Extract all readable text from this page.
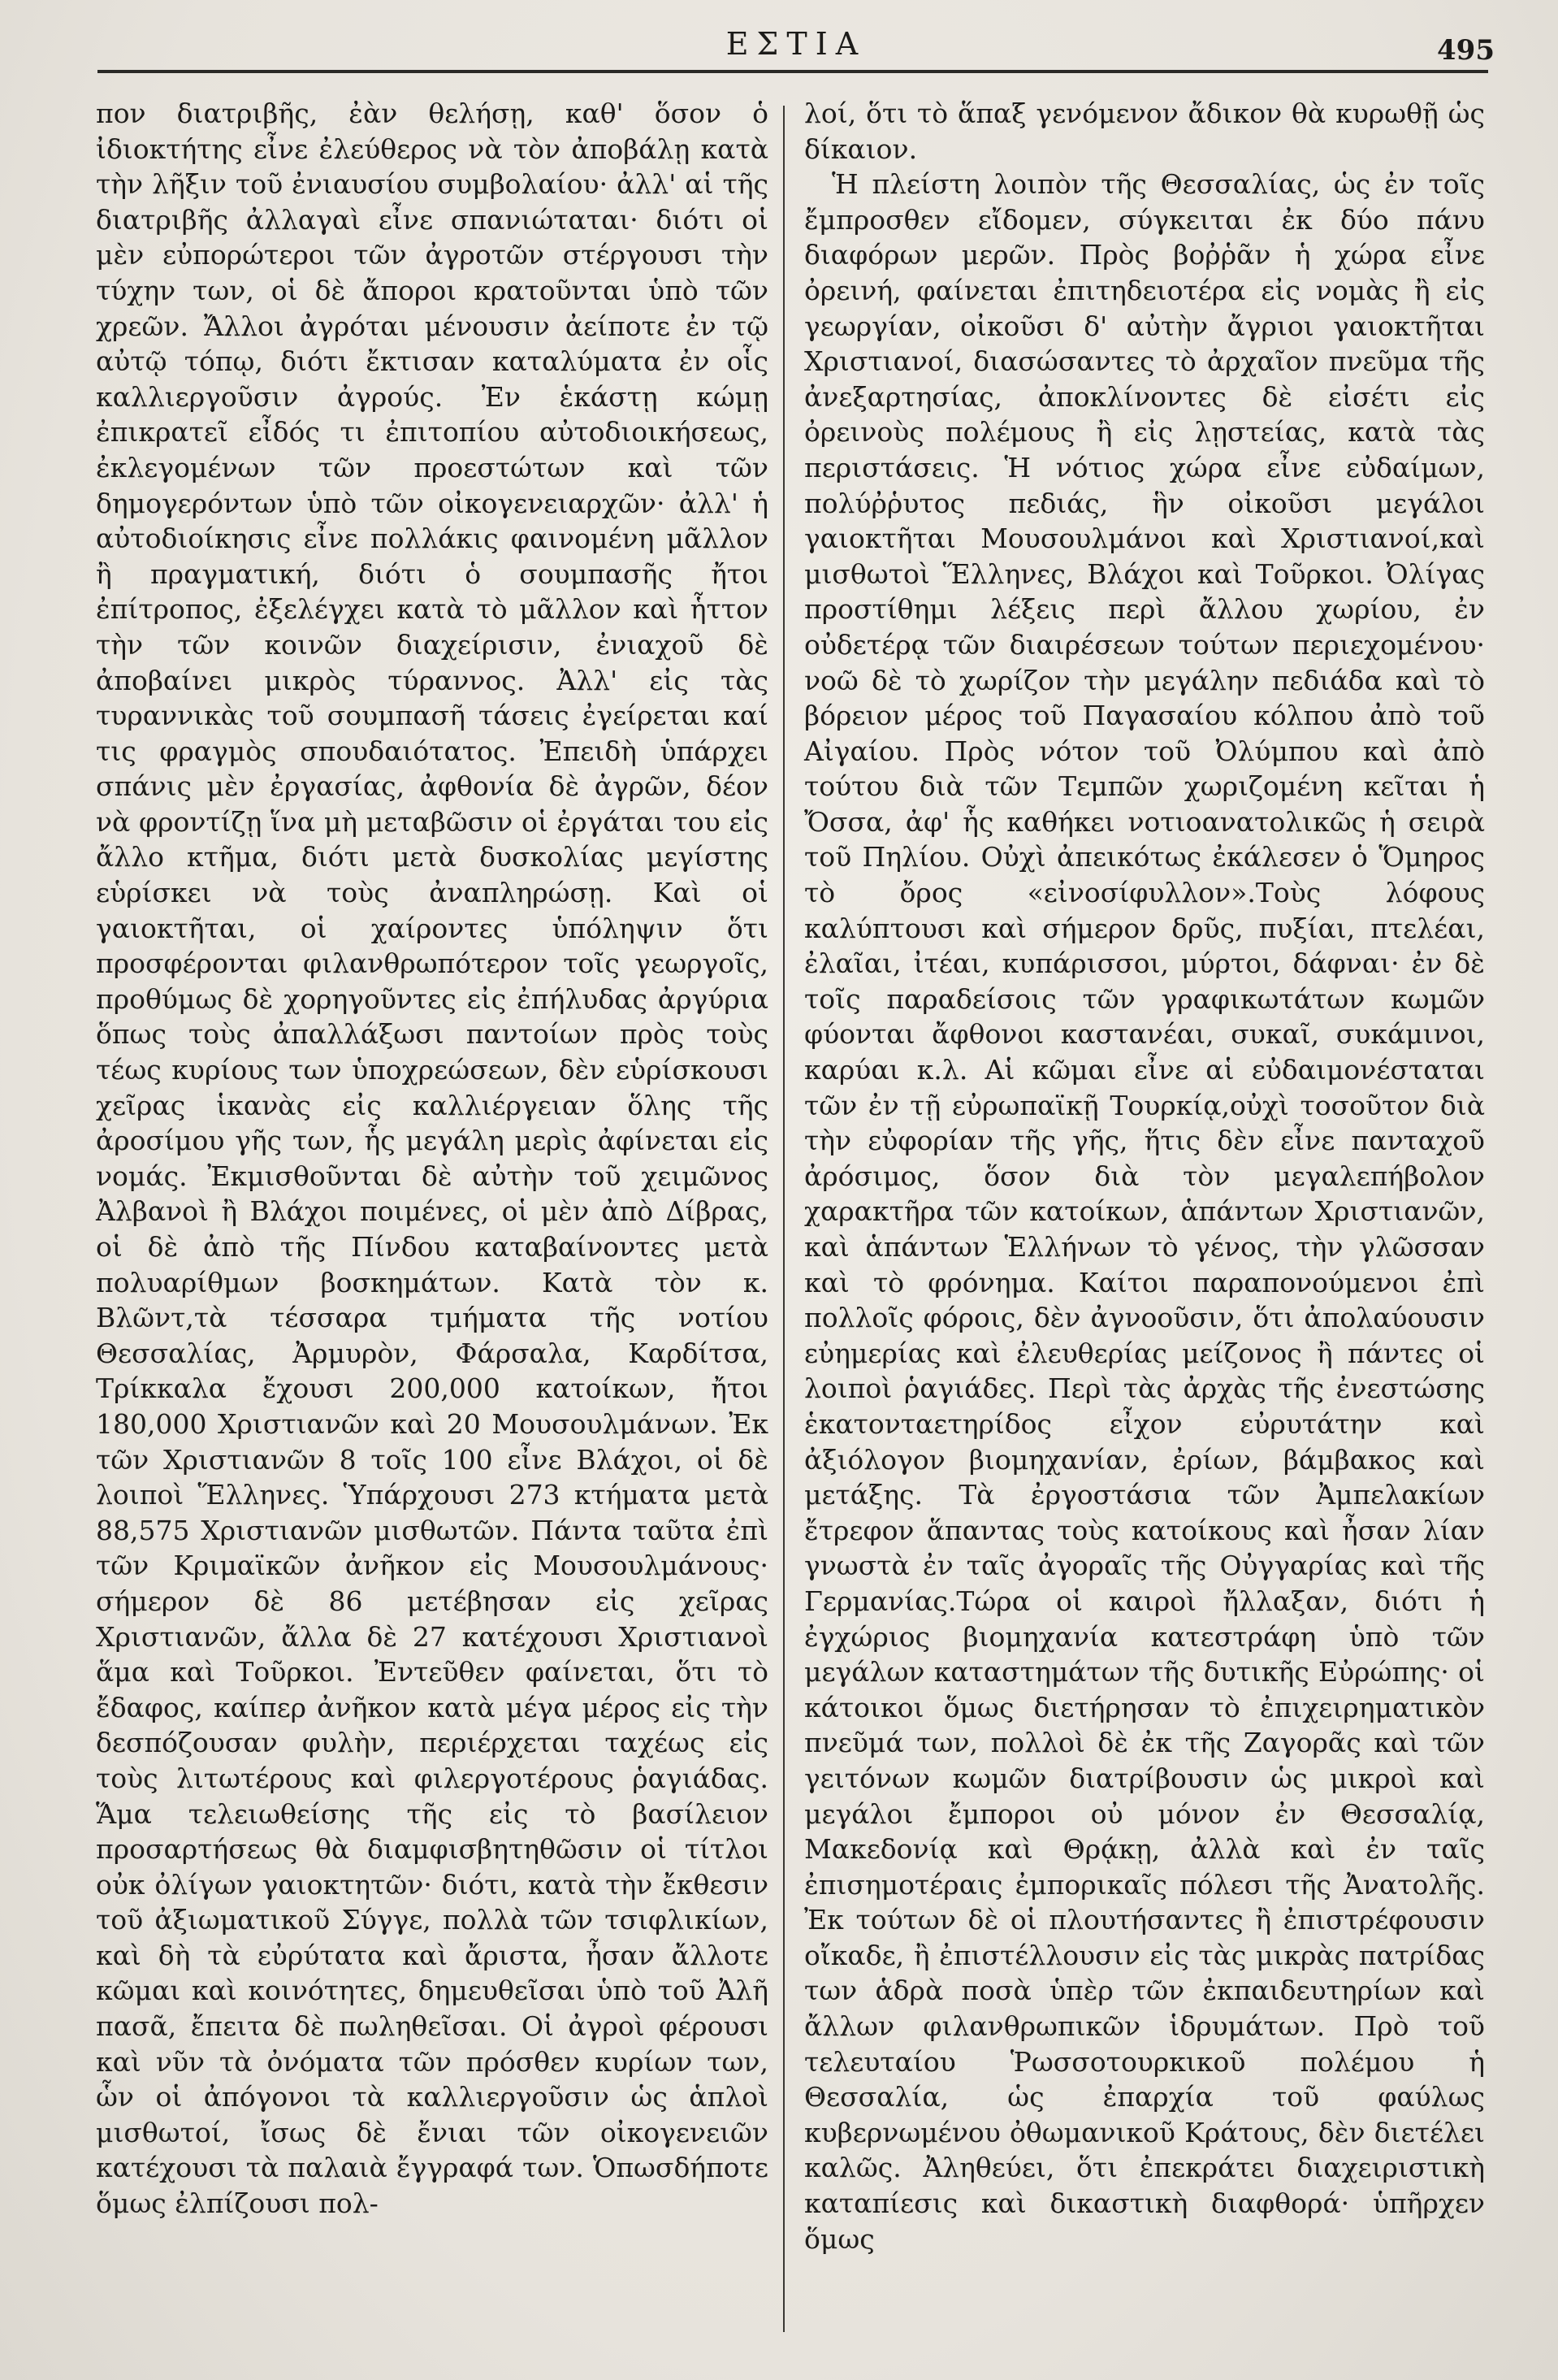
ΕΣΤΙΑ	495

πον διατριβῆς, ἐὰν θελήσῃ, καθ' ὅσον ὁ ἰδιοκτήτης εἶνε ἐλεύθερος νὰ τὸν ἀποβάλῃ κατὰ τὴν λῆξιν τοῦ ἐνιαυσίου συμβολαίου· ἀλλ' αἱ τῆς διατριβῆς ἀλλαγαὶ εἶνε σπανιώταται· διότι οἱ μὲν εὐπορώτεροι τῶν ἀγροτῶν στέργουσι τὴν τύχην των, οἱ δὲ ἄποροι κρατοῦνται ὑπὸ τῶν χρεῶν. Ἄλλοι ἀγρόται μένουσιν ἀείποτε ἐν τῷ αὐτῷ τόπῳ, διότι ἔκτισαν καταλύματα ἐν οἷς καλλιεργοῦσιν ἀγρούς. Ἐν ἑκάστῃ κώμῃ ἐπικρατεῖ εἶδός τι ἐπιτοπίου αὐτοδιοικήσεως, ἐκλεγομένων τῶν προεστώτων καὶ τῶν δημογερόντων ὑπὸ τῶν οἰκογενειαρχῶν· ἀλλ' ἡ αὐτοδιοίκησις εἶνε πολλάκις φαινομένη μᾶλλον ἢ πραγματική, διότι ὁ σουμπασῆς ἤτοι ἐπίτροπος, ἐξελέγχει κατὰ τὸ μᾶλλον καὶ ἧττον τὴν τῶν κοινῶν διαχείρισιν, ἐνιαχοῦ δὲ ἀποβαίνει μικρὸς τύραννος. Ἀλλ' εἰς τὰς τυραννικὰς τοῦ σουμπασῆ τάσεις ἐγείρεται καί τις φραγμὸς σπουδαιότατος. Ἐπειδὴ ὑπάρχει σπάνις μὲν ἐργασίας, ἀφθονία δὲ ἀγρῶν, δέον νὰ φροντίζῃ ἵνα μὴ μεταβῶσιν οἱ ἐργάται του εἰς ἄλλο κτῆμα, διότι μετὰ δυσκολίας μεγίστης εὑρίσκει νὰ τοὺς ἀναπληρώσῃ. Καὶ οἱ γαιοκτῆται, οἱ χαίροντες ὑπόληψιν ὅτι προσφέρονται φιλανθρωπότερον τοῖς γεωργοῖς, προθύμως δὲ χορηγοῦντες εἰς ἐπήλυδας ἀργύρια ὅπως τοὺς ἀπαλλάξωσι παντοίων πρὸς τοὺς τέως κυρίους των ὑποχρεώσεων, δὲν εὑρίσκουσι χεῖρας ἱκανὰς εἰς καλλιέργειαν ὅλης τῆς ἀροσίμου γῆς των, ἧς μεγάλη μερὶς ἀφίνεται εἰς νομάς. Ἐκμισθοῦνται δὲ αὐτὴν τοῦ χειμῶνος Ἀλβανοὶ ἢ Βλάχοι ποιμένες, οἱ μὲν ἀπὸ Δίβρας, οἱ δὲ ἀπὸ τῆς Πίνδου καταβαίνοντες μετὰ πολυαρίθμων βοσκημάτων. Κατὰ τὸν κ. Βλῶντ,τὰ τέσσαρα τμήματα τῆς νοτίου Θεσσαλίας, Ἀρμυρὸν, Φάρσαλα, Καρδίτσα, Τρίκκαλα ἔχουσι 200,000 κατοίκων, ἤτοι 180,000 Χριστιανῶν καὶ 20 Μουσουλμάνων. Ἐκ τῶν Χριστιανῶν 8 τοῖς 100 εἶνε Βλάχοι, οἱ δὲ λοιποὶ Ἕλληνες. Ὑπάρχουσι 273 κτήματα μετὰ 88,575 Χριστιανῶν μισθωτῶν. Πάντα ταῦτα ἐπὶ τῶν Κριμαϊκῶν ἀνῆκον εἰς Μουσουλμάνους· σήμερον δὲ 86 μετέβησαν εἰς χεῖρας Χριστιανῶν, ἄλλα δὲ 27 κατέχουσι Χριστιανοὶ ἅμα καὶ Τοῦρκοι. Ἐντεῦθεν φαίνεται, ὅτι τὸ ἔδαφος, καίπερ ἀνῆκον κατὰ μέγα μέρος εἰς τὴν δεσπόζουσαν φυλὴν, περιέρχεται ταχέως εἰς τοὺς λιτωτέρους καὶ φιλεργοτέρους ῥαγιάδας. Ἅμα τελειωθείσης τῆς εἰς τὸ βασίλειον προσαρτήσεως θὰ διαμφισβητηθῶσιν οἱ τίτλοι οὐκ ὀλίγων γαιοκτητῶν· διότι, κατὰ τὴν ἔκθεσιν τοῦ ἀξιωματικοῦ Σύγγε, πολλὰ τῶν τσιφλικίων, καὶ δὴ τὰ εὐρύτατα καὶ ἄριστα, ἦσαν ἄλλοτε κῶμαι καὶ κοινότητες, δημευθεῖσαι ὑπὸ τοῦ Ἀλῆ πασᾶ, ἔπειτα δὲ πωληθεῖσαι. Οἱ ἀγροὶ φέρουσι καὶ νῦν τὰ ὀνόματα τῶν πρόσθεν κυρίων των, ὧν οἱ ἀπόγονοι τὰ καλλιεργοῦσιν ὡς ἁπλοὶ μισθωτοί, ἴσως δὲ ἔνιαι τῶν οἰκογενειῶν κατέχουσι τὰ παλαιὰ ἔγγραφά των. Ὁπωσδήποτε ὅμως ἐλπίζουσι πολ-

λοί, ὅτι τὸ ἅπαξ γενόμενον ἄδικον θὰ κυρωθῇ ὡς δίκαιον.

Ἡ πλείστη λοιπὸν τῆς Θεσσαλίας, ὡς ἐν τοῖς ἔμπροσθεν εἴδομεν, σύγκειται ἐκ δύο πάνυ διαφόρων μερῶν. Πρὸς βοῤῥᾶν ἡ χώρα εἶνε ὀρεινή, φαίνεται ἐπιτηδειοτέρα εἰς νομὰς ἢ εἰς γεωργίαν, οἰκοῦσι δ' αὐτὴν ἄγριοι γαιοκτῆται Χριστιανοί, διασώσαντες τὸ ἀρχαῖον πνεῦμα τῆς ἀνεξαρτησίας, ἀποκλίνοντες δὲ εἰσέτι εἰς ὀρεινοὺς πολέμους ἢ εἰς λῃστείας, κατὰ τὰς περιστάσεις. Ἡ νότιος χώρα εἶνε εὐδαίμων, πολύῤῥυτος πεδιάς, ἣν οἰκοῦσι μεγάλοι γαιοκτῆται Μουσουλμάνοι καὶ Χριστιανοί,καὶ μισθωτοὶ Ἕλληνες, Βλάχοι καὶ Τοῦρκοι. Ὀλίγας προστίθημι λέξεις περὶ ἄλλου χωρίου, ἐν οὐδετέρᾳ τῶν διαιρέσεων τούτων περιεχομένου· νοῶ δὲ τὸ χωρίζον τὴν μεγάλην πεδιάδα καὶ τὸ βόρειον μέρος τοῦ Παγασαίου κόλπου ἀπὸ τοῦ Αἰγαίου. Πρὸς νότον τοῦ Ὀλύμπου καὶ ἀπὸ τούτου διὰ τῶν Τεμπῶν χωριζομένη κεῖται ἡ Ὄσσα, ἀφ' ἧς καθήκει νοτιοανατολικῶς ἡ σειρὰ τοῦ Πηλίου. Οὐχὶ ἀπεικότως ἐκάλεσεν ὁ Ὅμηρος τὸ ὄρος «εἰνοσίφυλλον».Τοὺς λόφους καλύπτουσι καὶ σήμερον δρῦς, πυξίαι, πτελέαι, ἐλαῖαι, ἰτέαι, κυπάρισσοι, μύρτοι, δάφναι· ἐν δὲ τοῖς παραδείσοις τῶν γραφικωτάτων κωμῶν φύονται ἄφθονοι καστανέαι, συκαῖ, συκάμινοι, καρύαι κ.λ. Αἱ κῶμαι εἶνε αἱ εὐδαιμονέσταται τῶν ἐν τῇ εὐρωπαϊκῇ Τουρκίᾳ,οὐχὶ τοσοῦτον διὰ τὴν εὐφορίαν τῆς γῆς, ἥτις δὲν εἶνε πανταχοῦ ἀρόσιμος, ὅσον διὰ τὸν μεγαλεπήβολον χαρακτῆρα τῶν κατοίκων, ἁπάντων Χριστιανῶν, καὶ ἁπάντων Ἑλλήνων τὸ γένος, τὴν γλῶσσαν καὶ τὸ φρόνημα. Καίτοι παραπονούμενοι ἐπὶ πολλοῖς φόροις, δὲν ἀγνοοῦσιν, ὅτι ἀπολαύουσιν εὐημερίας καὶ ἐλευθερίας μείζονος ἢ πάντες οἱ λοιποὶ ῥαγιάδες. Περὶ τὰς ἀρχὰς τῆς ἐνεστώσης ἑκατονταετηρίδος εἶχον εὐρυτάτην καὶ ἀξιόλογον βιομηχανίαν, ἐρίων, βάμβακος καὶ μετάξης. Τὰ ἐργοστάσια τῶν Ἀμπελακίων ἔτρεφον ἅπαντας τοὺς κατοίκους καὶ ἦσαν λίαν γνωστὰ ἐν ταῖς ἀγοραῖς τῆς Οὐγγαρίας καὶ τῆς Γερμανίας.Τώρα οἱ καιροὶ ἤλλαξαν, διότι ἡ ἐγχώριος βιομηχανία κατεστράφη ὑπὸ τῶν μεγάλων καταστημάτων τῆς δυτικῆς Εὐρώπης· οἱ κάτοικοι ὅμως διετήρησαν τὸ ἐπιχειρηματικὸν πνεῦμά των, πολλοὶ δὲ ἐκ τῆς Ζαγορᾶς καὶ τῶν γειτόνων κωμῶν διατρίβουσιν ὡς μικροὶ καὶ μεγάλοι ἔμποροι οὐ μόνον ἐν Θεσσαλίᾳ, Μακεδονίᾳ καὶ Θρᾴκῃ, ἀλλὰ καὶ ἐν ταῖς ἐπισημοτέραις ἐμπορικαῖς πόλεσι τῆς Ἀνατολῆς. Ἐκ τούτων δὲ οἱ πλουτήσαντες ἢ ἐπιστρέφουσιν οἴκαδε, ἢ ἐπιστέλλουσιν εἰς τὰς μικρὰς πατρίδας των ἁδρὰ ποσὰ ὑπὲρ τῶν ἐκπαιδευτηρίων καὶ ἄλλων φιλανθρωπικῶν ἱδρυμάτων. Πρὸ τοῦ τελευταίου Ῥωσσοτουρκικοῦ πολέμου ἡ Θεσσαλία, ὡς ἐπαρχία τοῦ φαύλως κυβερνωμένου ὀθωμανικοῦ Κράτους, δὲν διετέλει καλῶς. Ἀληθεύει, ὅτι ἐπεκράτει διαχειριστικὴ καταπίεσις καὶ δικαστικὴ διαφθορά· ὑπῆρχεν ὅμως
